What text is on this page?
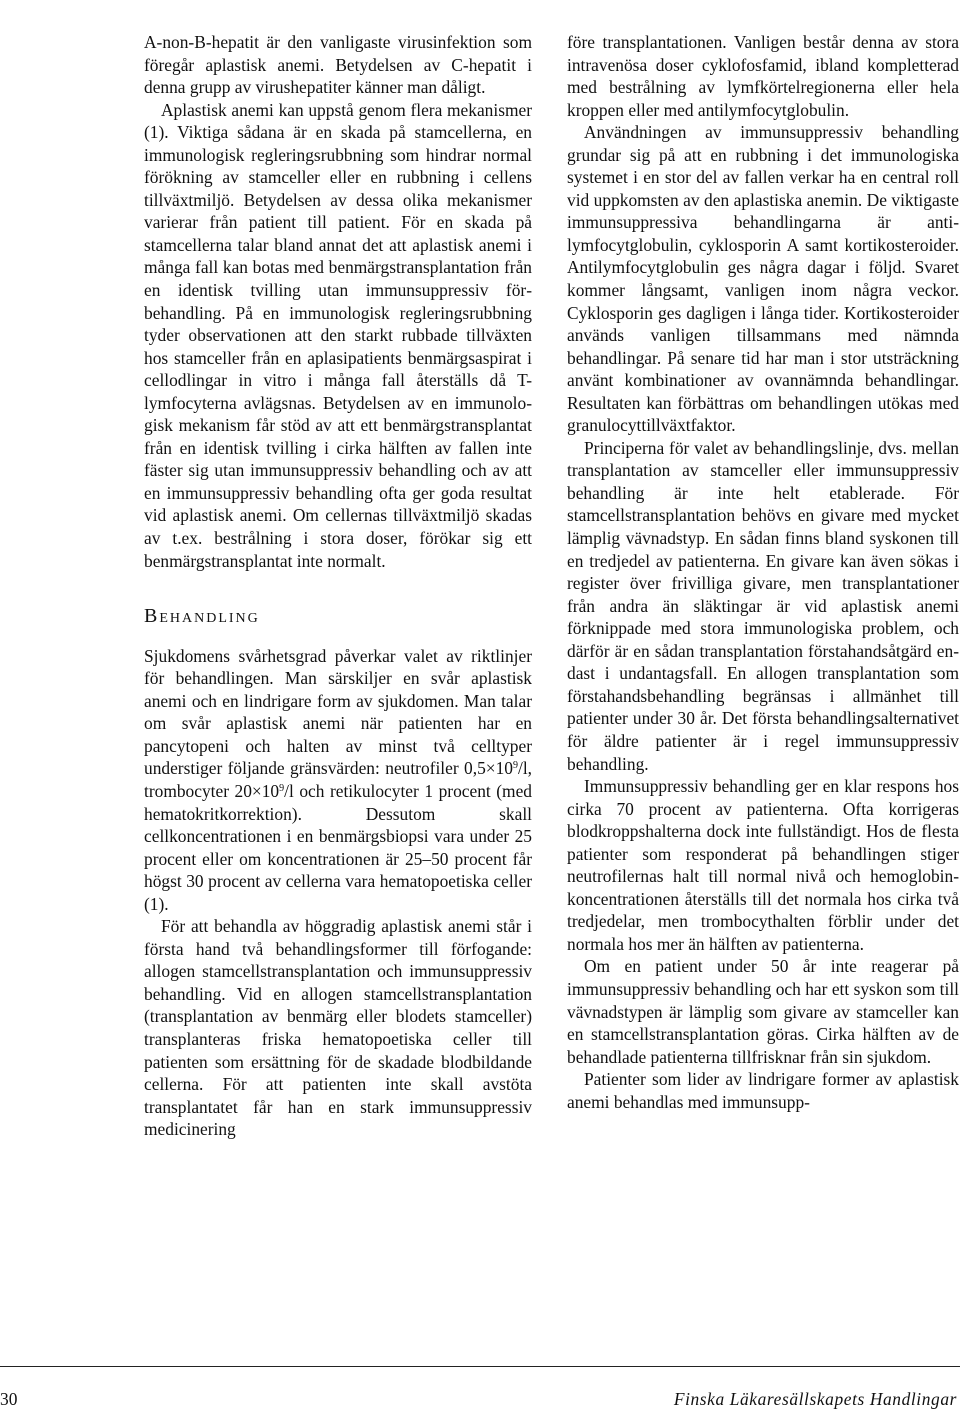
A-non-B-hepatit är den vanligaste virusinfektion som föregår aplastisk anemi. Betydelsen av C-hepatit i denna grupp av virushepatiter känner man dåligt.

Aplastisk anemi kan uppstå genom flera mekanismer (1). Viktiga sådana är en skada på stamcellerna, en immunologisk regleringsrubbning som hindrar normal förökning av stamceller eller en rubbning i cellens tillväxtmiljö. Betydelsen av dessa olika mekanismer varierar från patient till patient. För en skada på stamcellerna talar bland annat det att aplastisk anemi i många fall kan botas med benmärgstransplantation från en identisk tvilling utan immunsuppressiv förbehandling. På en immunologisk regleringsrubbning tyder observationen att den starkt rubbade tillväxten hos stamceller från en aplasipatients benmärgsaspirat i cellodlingar in vitro i många fall återställs då T-lymfocyterna avlägsnas. Betydelsen av en immunologisk mekanism får stöd av att ett benmärgstransplantat från en identisk tvilling i cirka hälften av fallen inte fäster sig utan immunsuppressiv behandling och av att en immunsuppressiv behandling ofta ger goda resultat vid aplastisk anemi. Om cellernas tillväxtmiljö skadas av t.ex. bestrålning i stora doser, förökar sig ett benmärgstransplantat inte normalt.

BEHANDLING

Sjukdomens svårhetsgrad påverkar valet av riktlinjer för behandlingen. Man särskiljer en svår aplastisk anemi och en lindrigare form av sjukdomen. Man talar om svår aplastisk anemi när patienten har en pancytopeni och halten av minst två celltyper understiger följande gränsvärden: neutrofiler $0,5\times 10^9/l$, trombocyter $20\times 10^9/l$ och retikulocyter 1 procent (med hematokritkorrektion). Dessutom skall cellkoncentrationen i en benmärgsbiopsi vara under 25 procent eller om koncentrationen är 25–50 procent får högst 30 procent av cellerna vara hematopoetiska celler (1).

För att behandla av höggradig aplastisk anemi står i första hand två behandlingsformer till förfogande: allogen stamcellstransplantation och immunsuppressiv behandling. Vid en allogen stamcellstransplantation (transplantation av benmärg eller blodets stamceller) transplanteras friska hematopoetiska celler till patienten som ersättning för de skadade blodbildande cellerna. För att patienten inte skall avstöta transplantatet får han en stark immunsuppressiv medicinering

före transplantationen. Vanligen består denna av stora intravenösa doser cyklofosfamid, ibland kompletterad med bestrålning av lymfkörtelregionerna eller hela kroppen eller med antilymfocytglobulin.

Användningen av immunsuppressiv behandling grundar sig på att en rubbning i det immunologiska systemet i en stor del av fallen verkar ha en central roll vid uppkomsten av den aplastiska anemin. De viktigaste immunsuppressiva behandlingarna är antilymfocytglobulin, cyklosporin A samt kortikosteroider. Antilymfocytglobulin ges några dagar i följd. Svaret kommer långsamt, vanligen inom några veckor. Cyklosporin ges dagligen i långa tider. Kortikosteroider används vanligen tillsammans med nämnda behandlingar. På senare tid har man i stor utsträckning använt kombinationer av ovannämnda behandlingar. Resultaten kan förbättras om behandlingen utökas med granulocyttillväxtfaktor.

Principerna för valet av behandlingslinje, dvs. mellan transplantation av stamceller eller immunsuppressiv behandling är inte helt etablerade. För stamcellstransplantation behövs en givare med mycket lämplig vävnadstyp. En sådan finns bland syskonen till en tredjedel av patienterna. En givare kan även sökas i register över frivilliga givare, men transplantationer från andra än släktingar är vid aplastisk anemi förknippade med stora immunologiska problem, och därför är en sådan transplantation förstahandsåtgärd endast i undantagsfall. En allogen transplantation som förstahandsbehandling begränsas i allmänhet till patienter under 30 år. Det första behandlingsalternativet för äldre patienter är i regel immunsuppressiv behandling.

Immunsuppressiv behandling ger en klar respons hos cirka 70 procent av patienterna. Ofta korrigeras blodkroppshalterna dock inte fullständigt. Hos de flesta patienter som responderat på behandlingen stiger neutrofilernas halt till normal nivå och hemoglobinkoncentrationen återställs till det normala hos cirka två tredjedelar, men trombocythalten förblir under det normala hos mer än hälften av patienterna.

Om en patient under 50 år inte reagerar på immunsuppressiv behandling och har ett syskon som till vävnadstypen är lämplig som givare av stamceller kan en stamcellstransplantation göras. Cirka hälften av de behandlade patienterna tillfrisknar från sin sjukdom.

Patienter som lider av lindrigare former av aplastisk anemi behandlas med immunsupp-

30	Finska Läkaresällskapets Handlingar
